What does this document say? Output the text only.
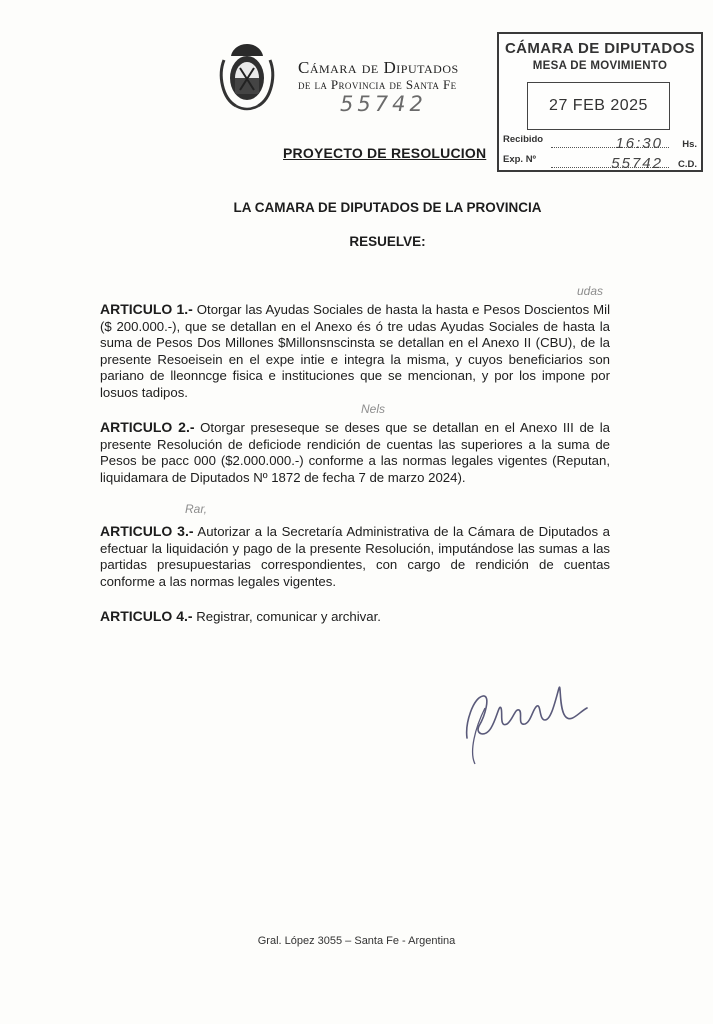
Cámara de Diputados
de la Provincia de Santa Fe
55742
CÁMARA DE DIPUTADOS
MESA DE MOVIMIENTO
27 FEB 2025
Recibido	16:30 Hs.
Exp. Nº	55742 C.D.
PROYECTO DE RESOLUCION
LA CAMARA DE DIPUTADOS DE LA PROVINCIA
RESUELVE:
udas
ARTICULO 1.- Otorgar las Ayudas Sociales de hasta la hasta e Pesos Doscientos Mil ($ 200.000.-), que se detallan en el Anexo és ó tre udas Ayudas Sociales de hasta la suma de Pesos Dos Millones $Millonsnscinsta se detallan en el Anexo II (CBU), de la presente Resoeisein en el expe intie e integra la misma, y cuyos beneficiarios son pariano de lleonncge fisica e instituciones que se mencionan, y por los impone por losuos tadipos.
Nels
ARTICULO 2.- Otorgar preseseque se deses que se detallan en el Anexo III de la presente Resolución de deficiode rendición de cuentas las superiores a la suma de Pesos be pacc 000 ($2.000.000.-) conforme a las normas legales vigentes (Reputan, liquidamara de Diputados Nº 1872 de fecha 7 de marzo 2024).
Rar,
ARTICULO 3.- Autorizar a la Secretaría Administrativa de la Cámara de Diputados a efectuar la liquidación y pago de la presente Resolución, imputándose las sumas a las partidas presupuestarias correspondientes, con cargo de rendición de cuentas conforme a las normas legales vigentes.
ARTICULO 4.- Registrar, comunicar y archivar.
Gral. López 3055 – Santa Fe - Argentina
